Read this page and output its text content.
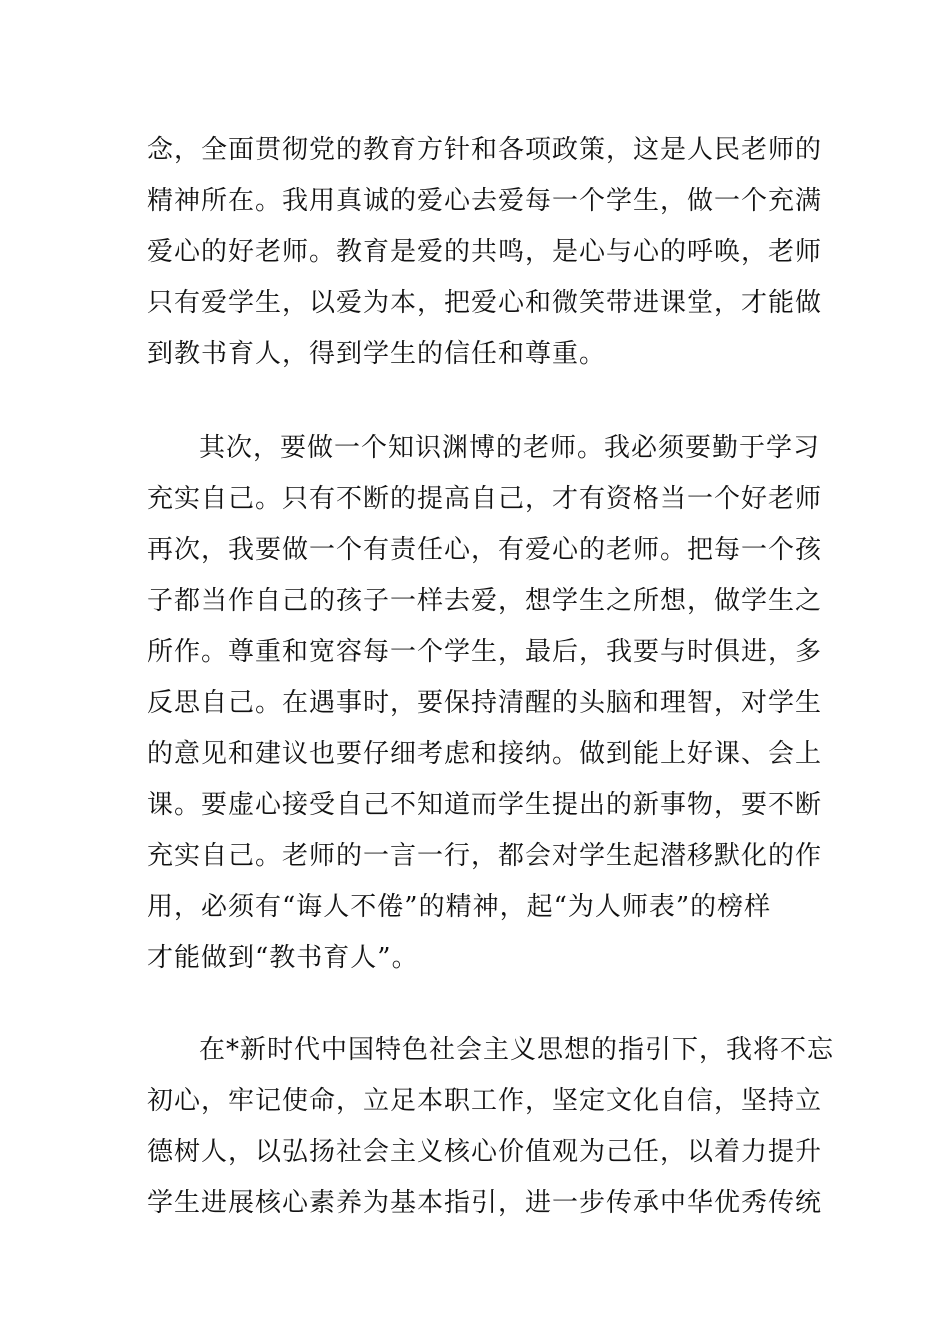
念，全面贯彻党的教育方针和各项政策，这是人民老师的
精神所在。我用真诚的爱心去爱每一个学生，做一个充满
爱心的好老师。教育是爱的共鸣，是心与心的呼唤，老师
只有爱学生，以爱为本，把爱心和微笑带进课堂，才能做
到教书育人，得到学生的信任和尊重。
其次，要做一个知识渊博的老师。我必须要勤于学习
充实自己。只有不断的提高自己，才有资格当一个好老师
再次，我要做一个有责任心，有爱心的老师。把每一个孩
子都当作自己的孩子一样去爱，想学生之所想，做学生之
所作。尊重和宽容每一个学生，最后，我要与时俱进，多
反思自己。在遇事时，要保持清醒的头脑和理智，对学生
的意见和建议也要仔细考虑和接纳。做到能上好课、会上
课。要虚心接受自己不知道而学生提出的新事物，要不断
充实自己。老师的一言一行，都会对学生起潜移默化的作
用，必须有“诲人不倦”的精神，起“为人师表”的榜样
才能做到“教书育人”。
在*新时代中国特色社会主义思想的指引下，我将不忘
初心，牢记使命，立足本职工作，坚定文化自信，坚持立
德树人，以弘扬社会主义核心价值观为己任，以着力提升
学生进展核心素养为基本指引，进一步传承中华优秀传统
